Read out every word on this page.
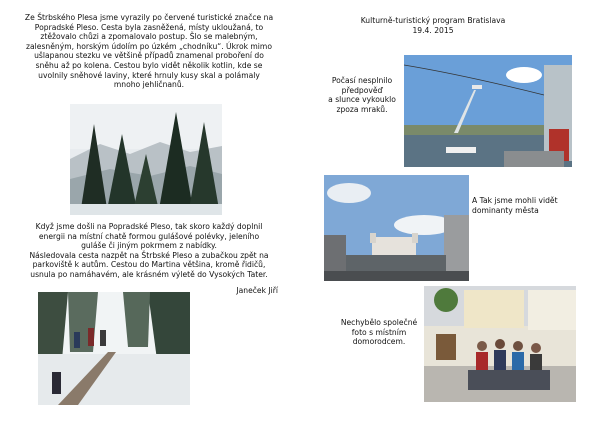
Ze Štrbského Plesa jsme vyrazily po červené turistické značce na
Popradské Pleso. Cesta byla zasněžená, místy ukloužaná, to
ztěžovalo chůzi a zpomalovalo postup. Šlo se malebným,
zalesněným, horským údolím po úzkém „chodníku“. Úkrok mimo
ušlapanou stezku ve většině případů znamenal proboření do
sněhu až po kolena. Cestou bylo vidět několik kotlin, kde se
uvolnily sněhové laviny, které hrnuly kusy skal a polámaly
mnoho jehličnanů.
Když jsme došli na Popradské Pleso, tak skoro každý doplnil
energii na místní chatě formou gulášové polévky, jeleního
guláše či jiným pokrmem z nabídky.
Následovala cesta nazpět na Štrbské Pleso a zubačkou zpět na
parkoviště k autům. Cestou do Martina většina, kromě řidičů,
usnula po namáhavém, ale krásném výletě do Vysokých Tater.
Janeček Jiří
Kulturně-turistický program Bratislava
19.4. 2015
Počasí nesplnilo
předpověď
a slunce vykouklo
zpoza mraků.
A Tak jsme mohli vidět
dominanty města
Nechybělo společné
foto s místním
domorodcem.
